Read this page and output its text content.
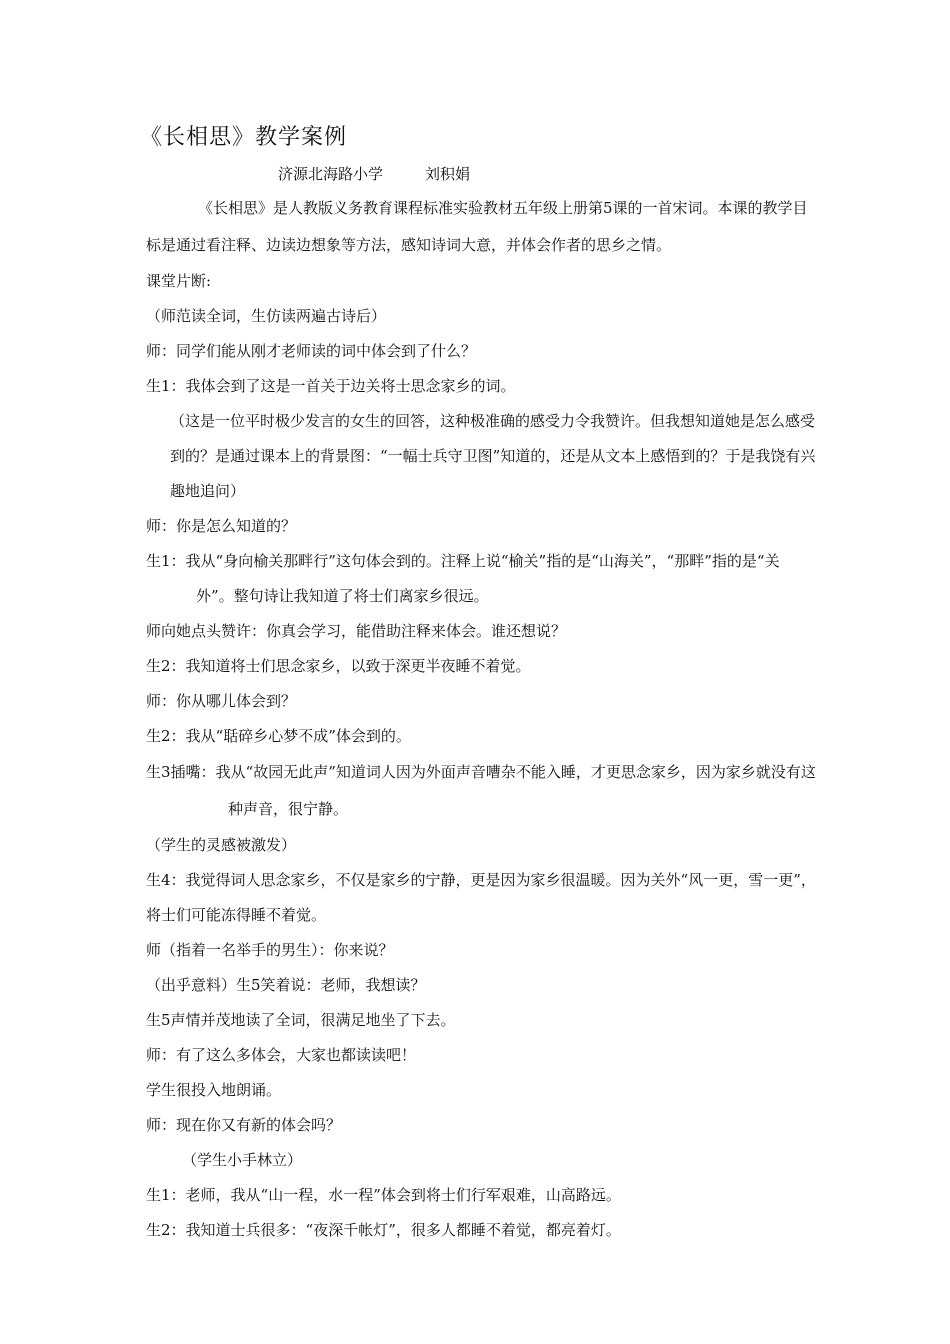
《长相思》教学案例
济源北海路小学	刘积娟

《长相思》是人教版义务教育课程标准实验教材五年级上册第5课的一首宋词。本课的教学目标是通过看注释、边读边想象等方法，感知诗词大意，并体会作者的思乡之情。

课堂片断:

（师范读全词，生仿读两遍古诗后）

师：同学们能从刚才老师读的词中体会到了什么？

生1：我体会到了这是一首关于边关将士思念家乡的词。

（这是一位平时极少发言的女生的回答，这种极准确的感受力令我赞许。但我想知道她是怎么感受到的？是通过课本上的背景图：“一幅士兵守卫图”知道的，还是从文本上感悟到的？于是我饶有兴趣地追问）

师：你是怎么知道的？

生1：我从“身向榆关那畔行”这句体会到的。注释上说“榆关”指的是“山海关”，“那畔”指的是“关外”。整句诗让我知道了将士们离家乡很远。

师向她点头赞许：你真会学习，能借助注释来体会。谁还想说？

生2：我知道将士们思念家乡，以致于深更半夜睡不着觉。

师：你从哪儿体会到？

生2：我从“聒碎乡心梦不成”体会到的。

生3插嘴：我从“故园无此声”知道词人因为外面声音嘈杂不能入睡，才更思念家乡，因为家乡就没有这种声音，很宁静。

（学生的灵感被激发）

生4：我觉得词人思念家乡，不仅是家乡的宁静，更是因为家乡很温暖。因为关外“风一更，雪一更”，将士们可能冻得睡不着觉。

师（指着一名举手的男生）：你来说？

（出乎意料）生5笑着说：老师，我想读？

生5声情并茂地读了全词，很满足地坐了下去。

师：有了这么多体会，大家也都读读吧！

学生很投入地朗诵。

师：现在你又有新的体会吗？

（学生小手林立）

生1：老师，我从“山一程，水一程”体会到将士们行军艰难，山高路远。

生2：我知道士兵很多：“夜深千帐灯”，很多人都睡不着觉，都亮着灯。
